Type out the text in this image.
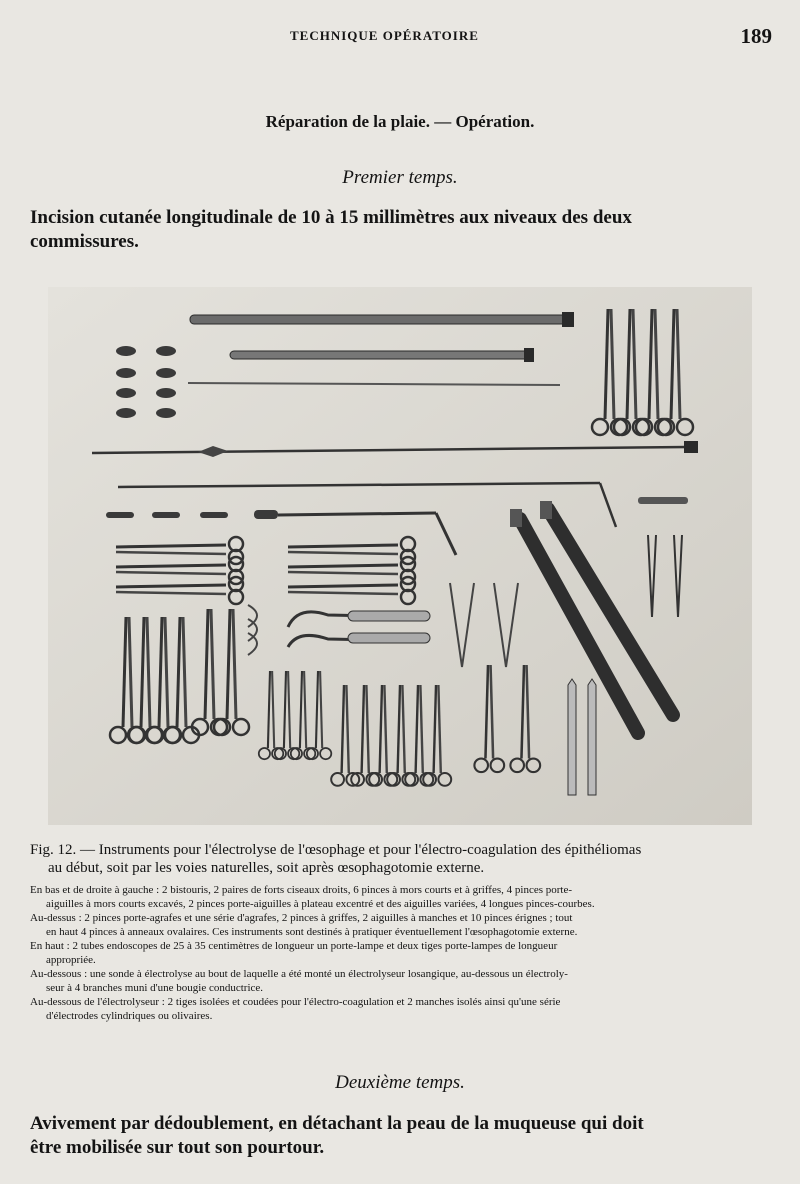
TECHNIQUE OPÉRATOIRE	189
Réparation de la plaie. — Opération.
Premier temps.
Incision cutanée longitudinale de 10 à 15 millimètres aux niveaux des deux
commissures.
Fig. 12. — Instruments pour l'électrolyse de l'œsophage et pour l'électro-coagulation des épithéliomas
au début, soit par les voies naturelles, soit après œsophagotomie externe.

En bas et de droite à gauche : 2 bistouris, 2 paires de forts ciseaux droits, 6 pinces à mors courts et à griffes, 4 pinces porte-
aiguilles à mors courts excavés, 2 pinces porte-aiguilles à plateau excentré et des aiguilles variées, 4 longues pinces-courbes.

Au-dessus : 2 pinces porte-agrafes et une série d'agrafes, 2 pinces à griffes, 2 aiguilles à manches et 10 pinces érignes ; tout
en haut 4 pinces à anneaux ovalaires. Ces instruments sont destinés à pratiquer éventuellement l'œsophagotomie externe.

En haut : 2 tubes endoscopes de 25 à 35 centimètres de longueur un porte-lampe et deux tiges porte-lampes de longueur
appropriée.

Au-dessous : une sonde à électrolyse au bout de laquelle a été monté un électrolyseur losangique, au-dessous un électroly-
seur à 4 branches muni d'une bougie conductrice.

Au-dessous de l'électrolyseur : 2 tiges isolées et coudées pour l'électro-coagulation et 2 manches isolés ainsi qu'une série
d'électrodes cylindriques ou olivaires.

Deuxième temps.
Avivement par dédoublement, en détachant la peau de la muqueuse qui doit
être mobilisée sur tout son pourtour.
